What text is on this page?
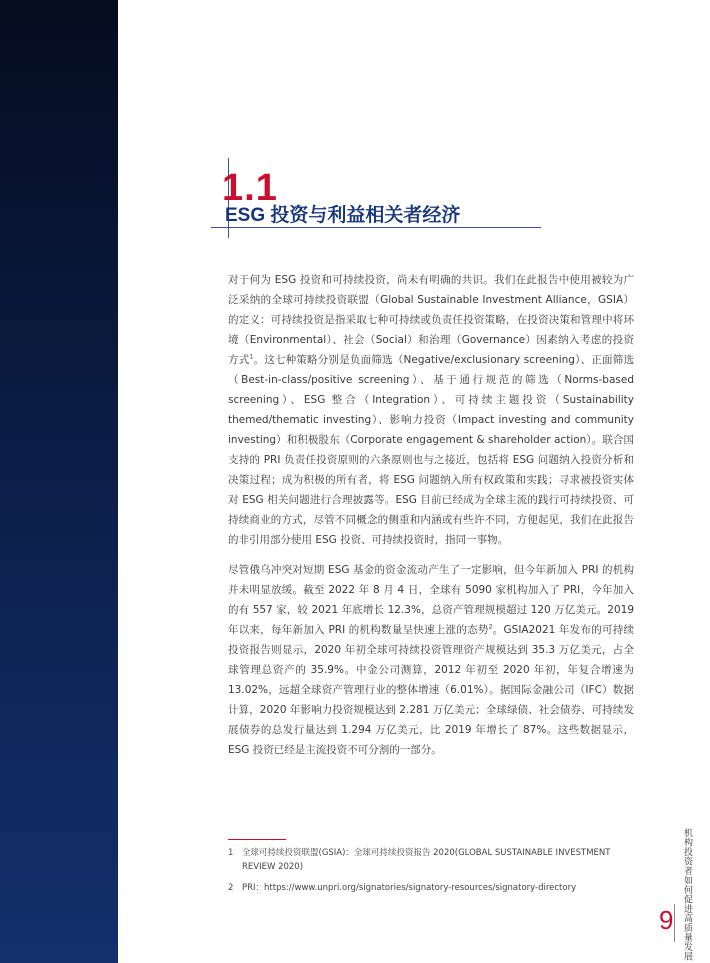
1.1
ESG 投资与利益相关者经济

对于何为 ESG 投资和可持续投资，尚未有明确的共识。我们在此报告中使用被较为广泛采纳的全球可持续投资联盟（Global Sustainable Investment Alliance，GSIA）的定义：可持续投资是指采取七种可持续或负责任投资策略，在投资决策和管理中将环境（Environmental）、社会（Social）和治理（Governance）因素纳入考虑的投资方式$^1$。这七种策略分别是负面筛选（Negative/exclusionary screening）、正面筛选（Best-in-class/positive screening）、基于通行规范的筛选（Norms-based screening）、ESG 整合（Integration）、可持续主题投资（Sustainability themed/thematic investing）、影响力投资（Impact investing and community investing）和积极股东（Corporate engagement & shareholder action）。联合国支持的 PRI 负责任投资原则的六条原则也与之接近，包括将 ESG 问题纳入投资分析和决策过程；成为积极的所有者，将 ESG 问题纳入所有权政策和实践；寻求被投资实体对 ESG 相关问题进行合理披露等。ESG 目前已经成为全球主流的践行可持续投资、可持续商业的方式，尽管不同概念的侧重和内涵或有些许不同，方便起见，我们在此报告的非引用部分使用 ESG 投资、可持续投资时，指同一事物。

尽管俄乌冲突对短期 ESG 基金的资金流动产生了一定影响，但今年新加入 PRI 的机构并未明显放缓。截至 2022 年 8 月 4 日，全球有 5090 家机构加入了 PRI，今年加入的有 557 家，较 2021 年底增长 12.3%，总资产管理规模超过 120 万亿美元。2019 年以来，每年新加入 PRI 的机构数量呈快速上涨的态势$^2$。GSIA2021 年发布的可持续投资报告则显示，2020 年初全球可持续投资管理资产规模达到 35.3 万亿美元，占全球管理总资产的 35.9%。中金公司测算，2012 年初至 2020 年初，年复合增速为 13.02%，远超全球资产管理行业的整体增速（6.01%）。据国际金融公司（IFC）数据计算，2020 年影响力投资规模达到 2.281 万亿美元；全球绿债、社会债券、可持续发展债券的总发行量达到 1.294 万亿美元，比 2019 年增长了 87%。这些数据显示，ESG 投资已经是主流投资不可分割的一部分。

1	全球可持续投资联盟(GSIA)：全球可持续投资报告 2020(GLOBAL SUSTAINABLE INVESTMENT REVIEW 2020)
2	PRI：https://www.unpri.org/signatories/signatory-resources/signatory-directory	机构投资者如何促进高质量发展
9
